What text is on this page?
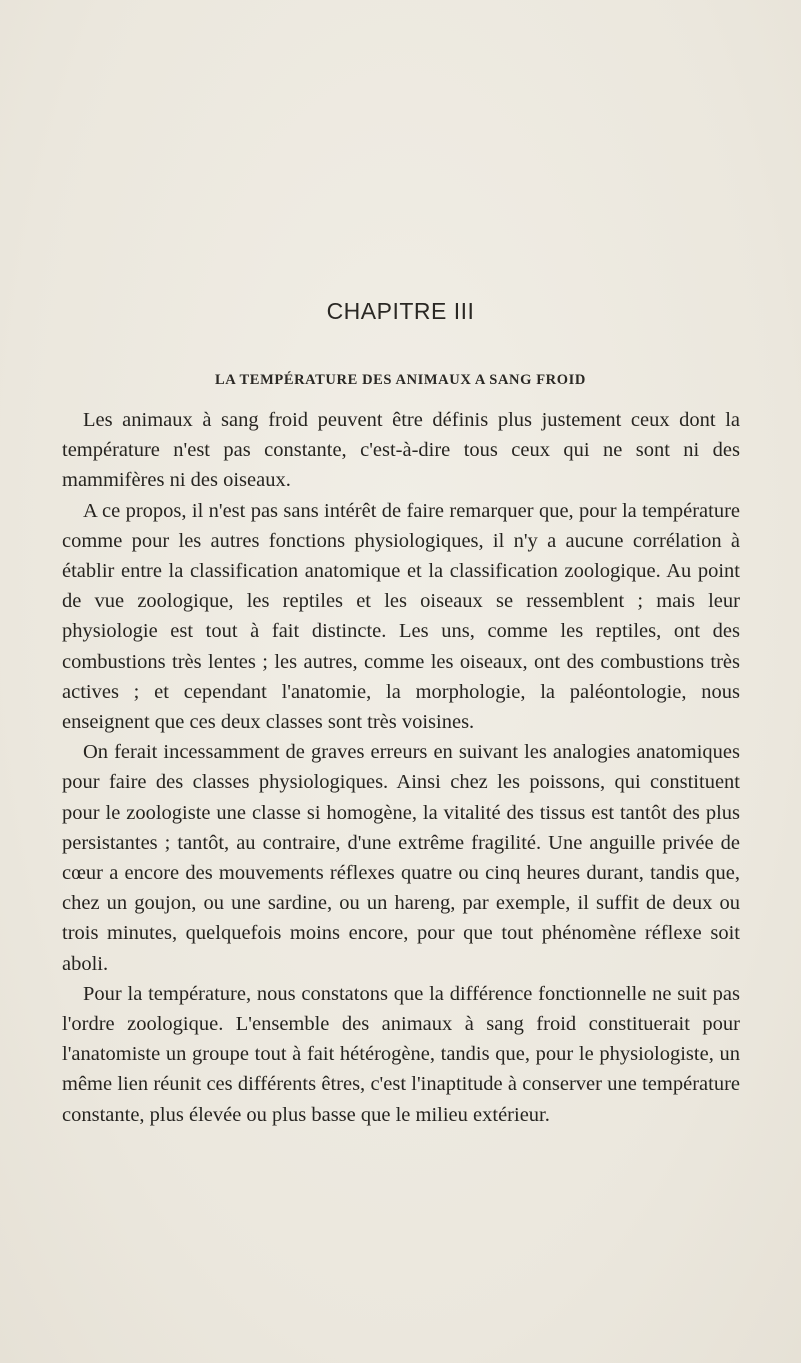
CHAPITRE III
LA TEMPÉRATURE DES ANIMAUX A SANG FROID

Les animaux à sang froid peuvent être définis plus justement ceux dont la température n'est pas constante, c'est-à-dire tous ceux qui ne sont ni des mammifères ni des oiseaux.

A ce propos, il n'est pas sans intérêt de faire remarquer que, pour la température comme pour les autres fonctions physiologiques, il n'y a aucune corrélation à établir entre la classification anatomique et la classification zoologique. Au point de vue zoologique, les reptiles et les oiseaux se ressemblent ; mais leur physiologie est tout à fait distincte. Les uns, comme les reptiles, ont des combustions très lentes ; les autres, comme les oiseaux, ont des combustions très actives ; et cependant l'anatomie, la morphologie, la paléontologie, nous enseignent que ces deux classes sont très voisines.

On ferait incessamment de graves erreurs en suivant les analogies anatomiques pour faire des classes physiologiques. Ainsi chez les poissons, qui constituent pour le zoologiste une classe si homogène, la vitalité des tissus est tantôt des plus persistantes ; tantôt, au contraire, d'une extrême fragilité. Une anguille privée de cœur a encore des mouvements réflexes quatre ou cinq heures durant, tandis que, chez un goujon, ou une sardine, ou un hareng, par exemple, il suffit de deux ou trois minutes, quelquefois moins encore, pour que tout phénomène réflexe soit aboli.

Pour la température, nous constatons que la différence fonctionnelle ne suit pas l'ordre zoologique. L'ensemble des animaux à sang froid constituerait pour l'anatomiste un groupe tout à fait hétérogène, tandis que, pour le physiologiste, un même lien réunit ces différents êtres, c'est l'inaptitude à conserver une température constante, plus élevée ou plus basse que le milieu extérieur.
